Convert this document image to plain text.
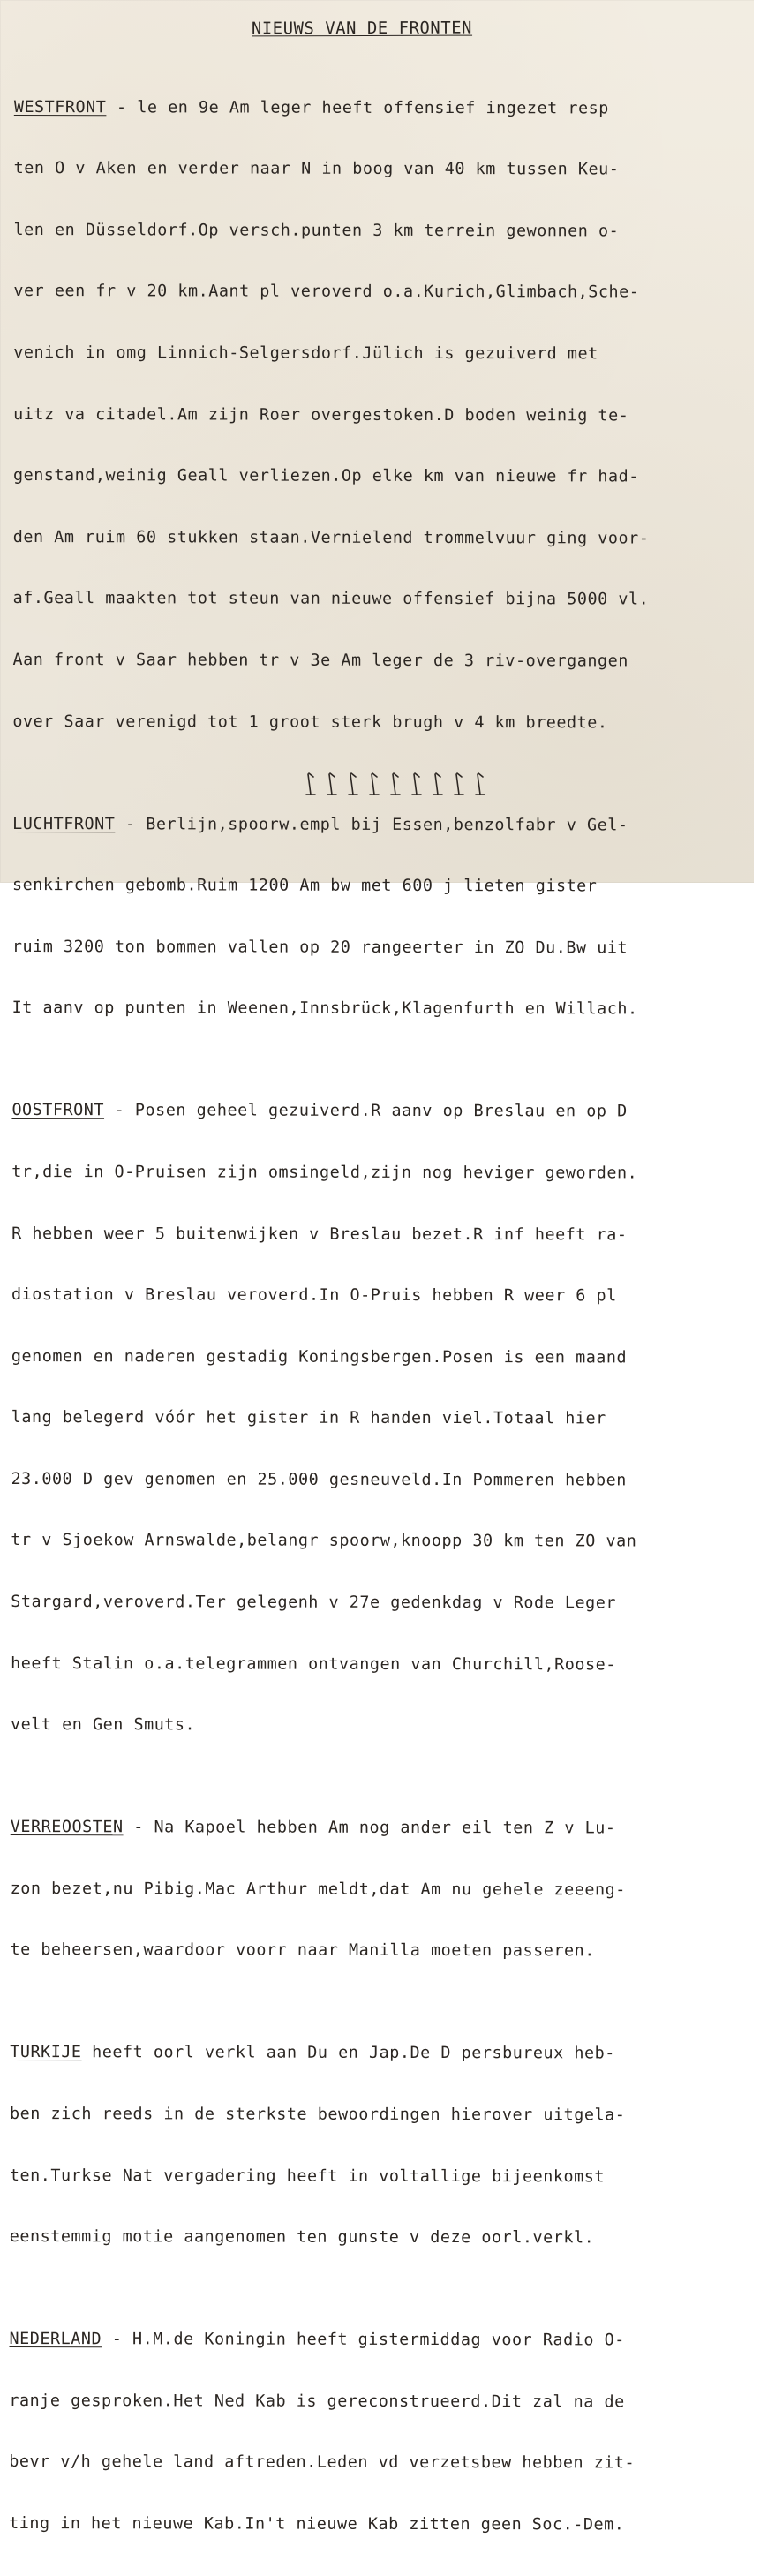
NIEUWS VAN DE FRONTEN

WESTFRONT - le en 9e Am leger heeft offensief ingezet resp

ten O v Aken en verder naar N in boog van 40 km tussen Keu-

len en Düsseldorf.Op versch.punten 3 km terrein gewonnen o-

ver een fr v 20 km.Aant pl veroverd o.a.Kurich,Glimbach,Sche-

venich in omg Linnich-Selgersdorf.Jülich is gezuiverd met

uitz va citadel.Am zijn Roer overgestoken.D boden weinig te-

genstand,weinig Geall verliezen.Op elke km van nieuwe fr had-

den Am ruim 60 stukken staan.Vernielend trommelvuur ging voor-

af.Geall maakten tot steun van nieuwe offensief bijna 5000 vl.

Aan front v Saar hebben tr v 3e Am leger de 3 riv-overgangen

over Saar verenigd tot 1 groot sterk brugh v 4 km breedte.

LUCHTFRONT - Berlijn,spoorw.empl bij Essen,benzolfabr v Gel-

senkirchen gebomb.Ruim 1200 Am bw met 600 j lieten gister

ruim 3200 ton bommen vallen op 20 rangeerter in ZO Du.Bw uit

It aanv op punten in Weenen,Innsbrück,Klagenfurth en Willach.

OOSTFRONT - Posen geheel gezuiverd.R aanv op Breslau en op D

tr,die in O-Pruisen zijn omsingeld,zijn nog heviger geworden.

R hebben weer 5 buitenwijken v Breslau bezet.R inf heeft ra-

diostation v Breslau veroverd.In O-Pruis hebben R weer 6 pl

genomen en naderen gestadig Koningsbergen.Posen is een maand

lang belegerd vóór het gister in R handen viel.Totaal hier

23.000 D gev genomen en 25.000 gesneuveld.In Pommeren hebben

tr v Sjoekow Arnswalde,belangr spoorw,knoopp 30 km ten ZO van

Stargard,veroverd.Ter gelegenh v 27e gedenkdag v Rode Leger

heeft Stalin o.a.telegrammen ontvangen van Churchill,Roose-

velt en Gen Smuts.

VERREOOSTEN - Na Kapoel hebben Am nog ander eil ten Z v Lu-

zon bezet,nu Pibig.Mac Arthur meldt,dat Am nu gehele zeeeng-

te beheersen,waardoor voorr naar Manilla moeten passeren.

TURKIJE heeft oorl verkl aan Du en Jap.De D persbureux heb-

ben zich reeds in de sterkste bewoordingen hierover uitgela-

ten.Turkse Nat vergadering heeft in voltallige bijeenkomst

eenstemmig motie aangenomen ten gunste v deze oorl.verkl.

NEDERLAND - H.M.de Koningin heeft gistermiddag voor Radio O-

ranje gesproken.Het Ned Kab is gereconstrueerd.Dit zal na de

bevr v/h gehele land aftreden.Leden vd verzetsbew hebben zit-

ting in het nieuwe Kab.In't nieuwe Kab zitten geen Soc.-Dem.
